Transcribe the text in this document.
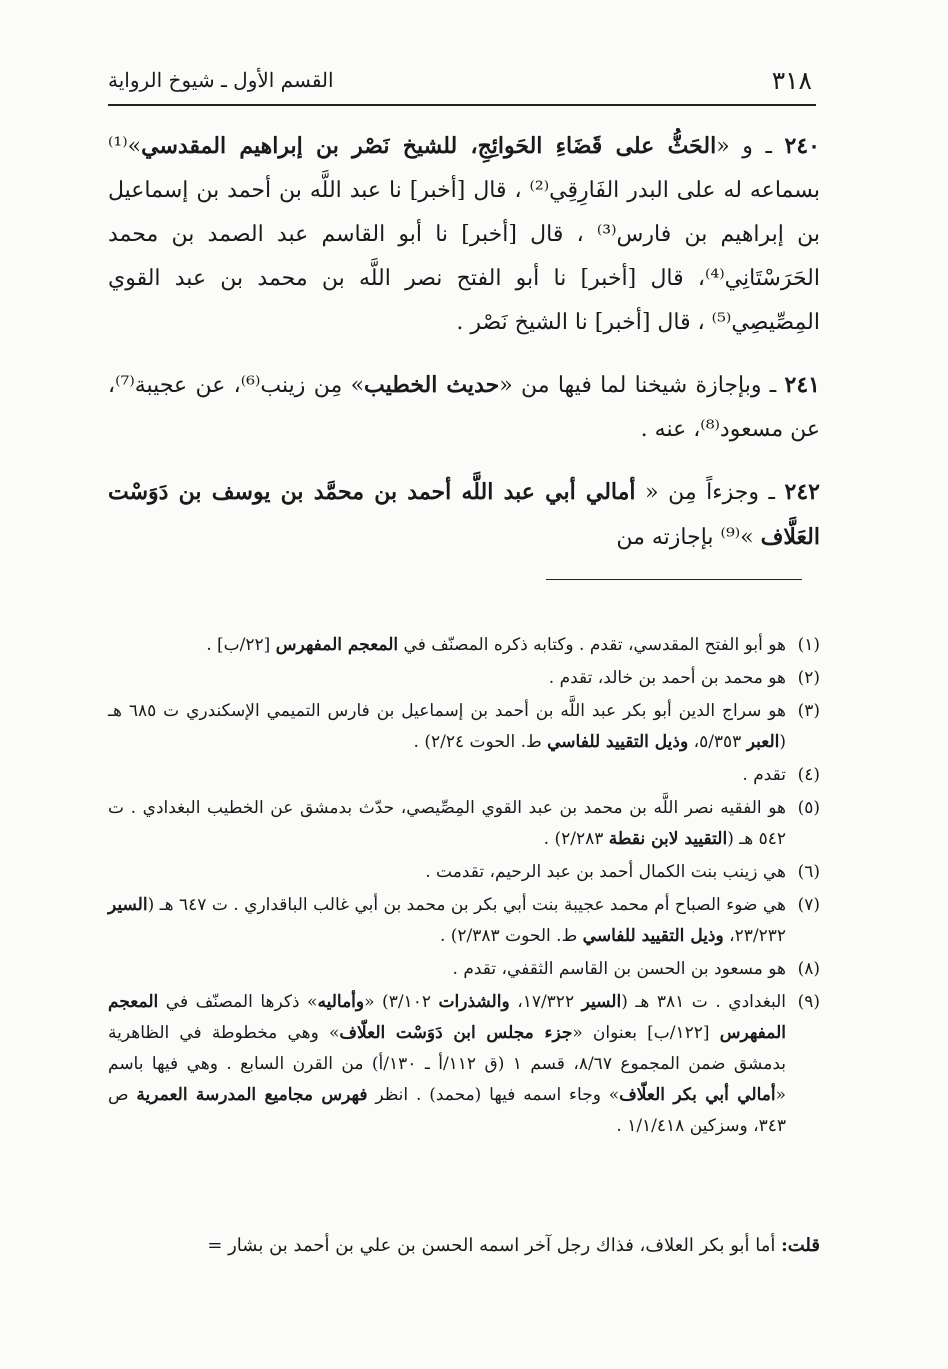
٣١٨
القسم الأول ـ شيوخ الرواية

٢٤٠ ـ و «الحَثُّ على قَضَاءِ الحَوائِجِ، للشيخ نَصْر بن إبراهيم المقدسي»⁽¹⁾ بسماعه له على البدر الفَارِقِي⁽²⁾ ، قال [أخبر] نا عبد اللَّه بن أحمد بن إسماعيل بن إبراهيم بن فارس⁽³⁾ ، قال [أخبر] نا أبو القاسم عبد الصمد بن محمد الحَرَسْتَانِي⁽⁴⁾، قال [أخبر] نا أبو الفتح نصر اللَّه بن محمد بن عبد القوي المِصِّيصِي⁽⁵⁾ ، قال [أخبر] نا الشيخ نَصْر .

٢٤١ ـ وبإجازة شيخنا لما فيها من «حديث الخطيب» مِن زينب⁽⁶⁾، عن عجيبة⁽⁷⁾، عن مسعود⁽⁸⁾، عنه .

٢٤٢ ـ وجزءاً مِن « أمالي أبي عبد اللَّه أحمد بن محمَّد بن يوسف بن دَوَسْت العَلَّاف »⁽⁹⁾ بإجازته من

(١)
هو أبو الفتح المقدسي، تقدم . وكتابه ذكره المصنّف في المعجم المفهرس [٢٢/ب] .
(٢)
هو محمد بن أحمد بن خالد، تقدم .
(٣)
هو سراج الدين أبو بكر عبد اللَّه بن أحمد بن إسماعيل بن فارس التميمي الإسكندري ت ٦٨٥ هـ (العبر ٥/٣٥٣، وذيل التقييد للفاسي ط. الحوت ٢/٢٤) .
(٤)
تقدم .
(٥)
هو الفقيه نصر اللَّه بن محمد بن عبد القوي المِصِّيصي، حدّث بدمشق عن الخطيب البغدادي . ت ٥٤٢ هـ (التقييد لابن نقطة ٢/٢٨٣) .
(٦)
هي زينب بنت الكمال أحمد بن عبد الرحيم، تقدمت .
(٧)
هي ضوء الصباح أم محمد عجيبة بنت أبي بكر بن محمد بن أبي غالب الباقداري . ت ٦٤٧ هـ (السير ٢٣/٢٣٢، وذيل التقييد للفاسي ط. الحوت ٢/٣٨٣) .
(٨)
هو مسعود بن الحسن بن القاسم الثقفي، تقدم .
(٩)
البغدادي . ت ٣٨١ هـ (السير ١٧/٣٢٢، والشذرات ٣/١٠٢) «وأماليه» ذكرها المصنّف في المعجم المفهرس [١٢٢/ب] بعنوان «جزء مجلس ابن دَوَسْت العلّاف» وهي مخطوطة في الظاهرية بدمشق ضمن المجموع ٨/٦٧، قسم ١ (ق ١١٢/أ ـ ١٣٠/أ) من القرن السابع . وهي فيها باسم «أمالي أبي بكر العلّاف» وجاء اسمه فيها (محمد) . انظر فهرس مجاميع المدرسة العمرية ص ٣٤٣، وسزكين ١/١/٤١٨ .
قلت: أما أبو بكر العلاف، فذاك رجل آخر اسمه الحسن بن علي بن أحمد بن بشار =
